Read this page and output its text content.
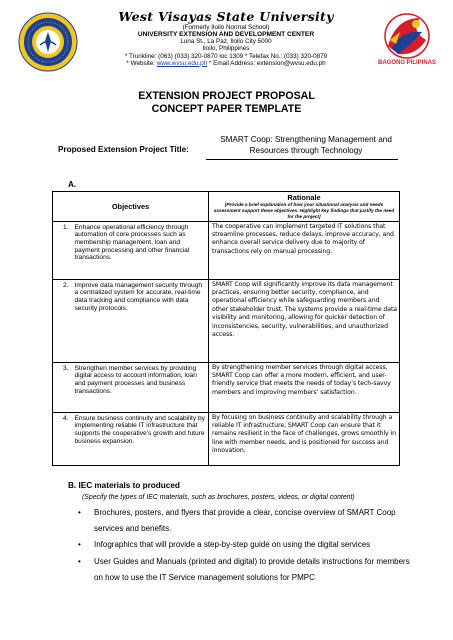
BAGONG PILIPINAS
West Visayas State University
(Formerly Iloilo Normal School)
UNIVERSITY EXTENSION AND DEVELOPMENT CENTER
Luna St., La Paz, Iloilo City 5000
Iloilo, Philippines
* Trunkline: (063) (033) 320-0870 loc 1309 * Telefax No.: (033) 320-0879
* Website: www.wvsu.edu.ph * Email Address: extension@wvsu.edu.ph
EXTENSION PROJECT PROPOSAL
CONCEPT PAPER TEMPLATE
Proposed Extension Project Title:
SMART Coop: Strengthening Management and Resources through Technology
A.
Objectives		Rationale
[Provide a brief explanation of how your situational analysis and needs assessment support these objectives. Highlight key findings that justify the need for the project]

1.	Enhance operational efficiency through automation of core processes such as membership management, loan and payment processing and other financial transactions.	The cooperative can implement targeted IT solutions that streamline processes, reduce delays, improve accuracy, and enhance overall service delivery due to majority of transactions rely on manual processing.
2.	Improve data management security through a centralized system for accurate, real-time data tracking and compliance with data security protocols.	SMART Coop will significantly improve its data management practices, ensuring better security, compliance, and operational efficiency while safeguarding members and other stakeholder trust. The systems provide a real-time data visibility and monitoring, allowing for quicker detection of inconsistencies, security, vulnerabilities, and unauthorized access.
3.	Strengthen member services by providing digital access to account information, loan and payment processes and business transactions.	By strengthening member services through digital access, SMART Coop can offer a more modern, efficient, and user-friendly service that meets the needs of today’s tech-savvy members and improving members’ satisfaction.
4.	Ensure business continuity and scalability by implementing reliable IT infrastructure that supports the cooperative’s growth and future business expansion.	By focusing on business continuity and scalability through a reliable IT infrastructure, SMART Coop can ensure that it remains resilient in the face of challenges, grows smoothly in line with member needs, and is positioned for success and innovation.
B. IEC materials to produced
(Specify the types of IEC materials, such as brochures, posters, videos, or digital content)
• Brochures, posters, and flyers that provide a clear, concise overview of SMART Coop services and benefits.
• Infographics that will provide a step-by-step guide on using the digital services
• User Guides and Manuals (printed and digital) to provide details instructions for members on how to use the IT Service management solutions for PMPC
